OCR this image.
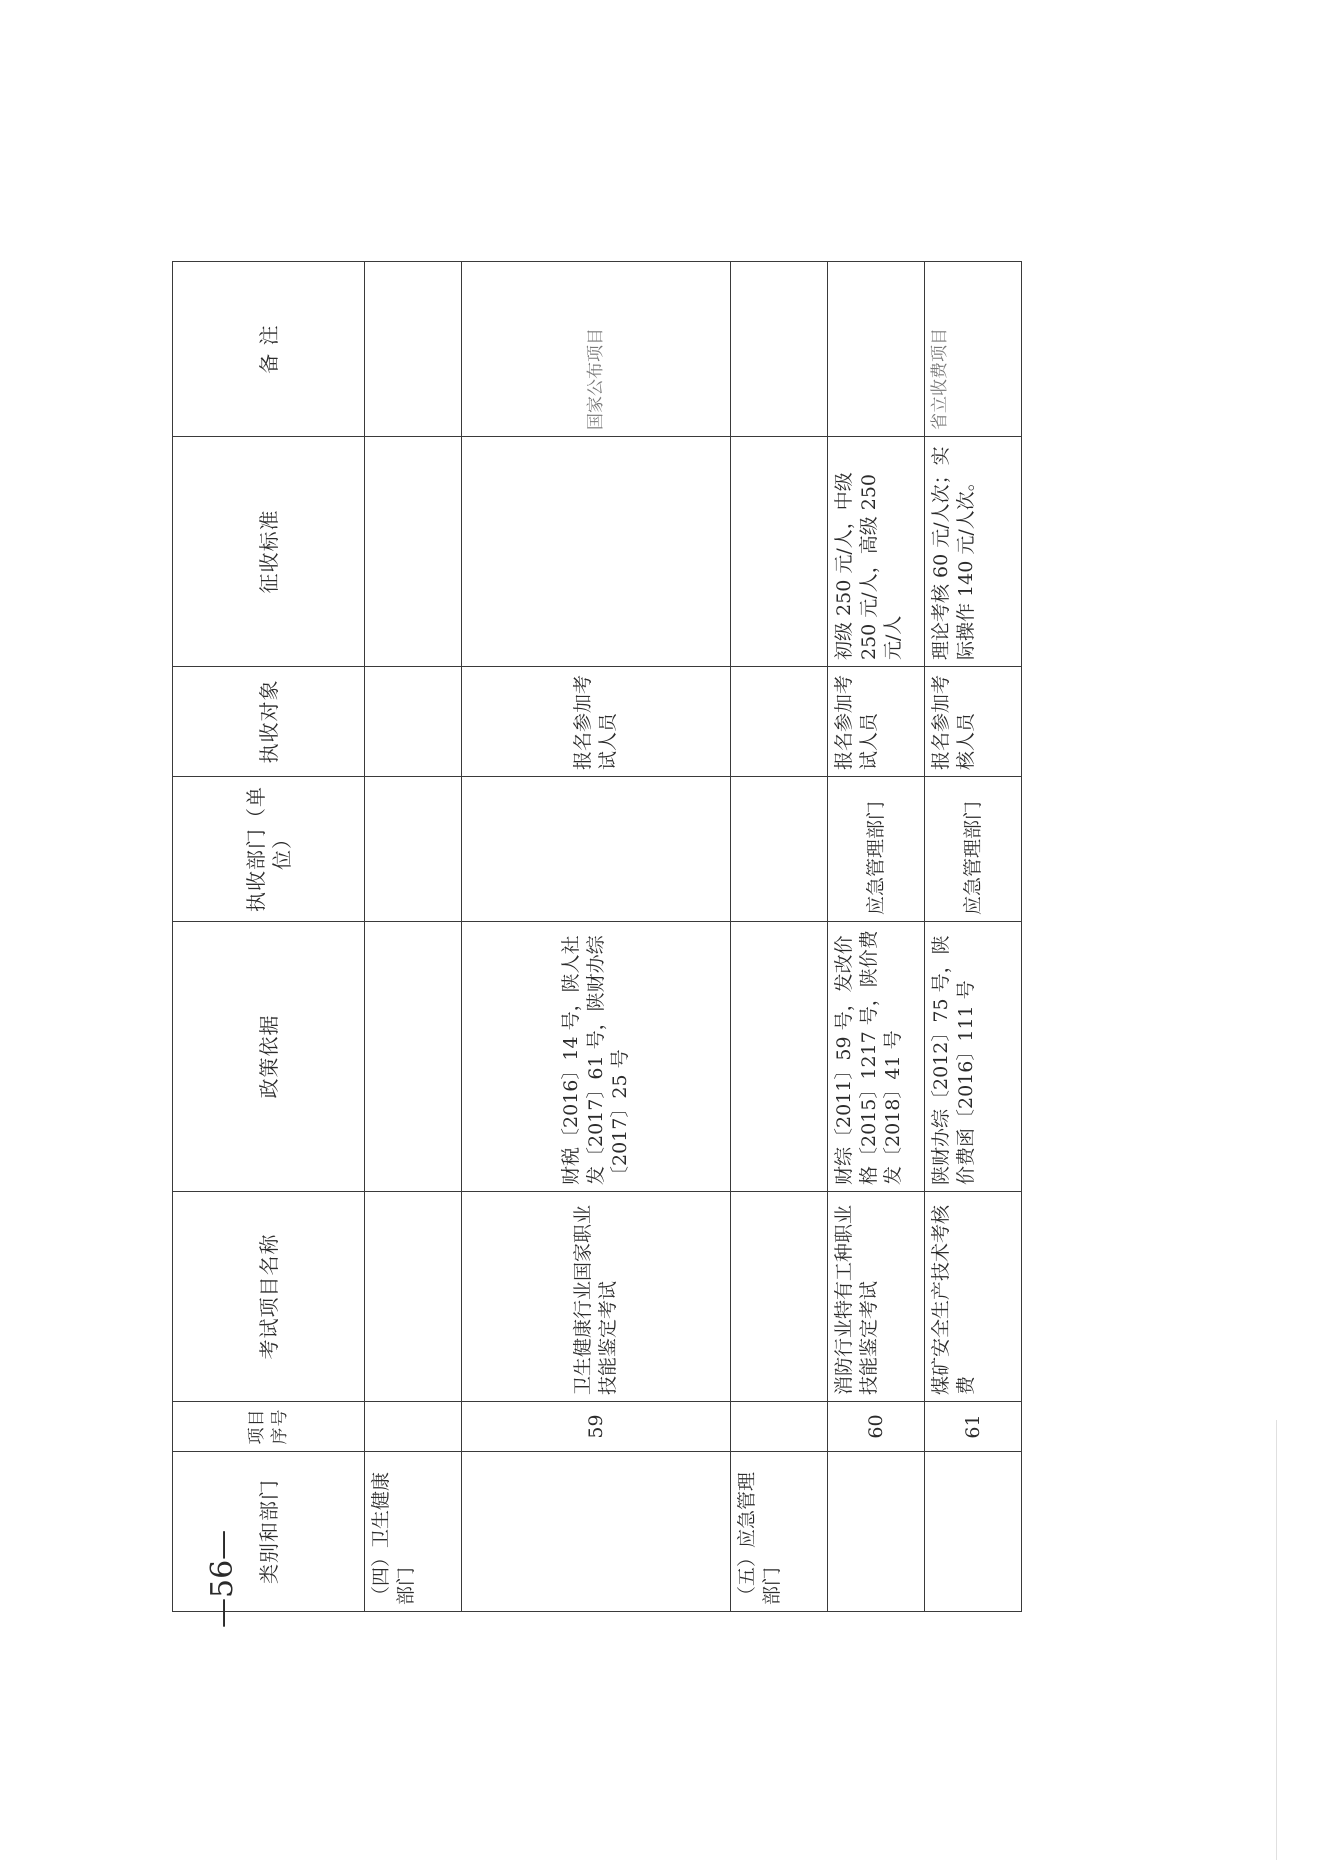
类别和部门	项目序号	考试项目名称	政策依据	执收部门（单位）	执收对象	征收标准	备 注
（四）卫生健康部门							
	59	卫生健康行业国家职业技能鉴定考试	财税〔2016〕14 号，陕人社发〔2017〕61 号，陕财办综〔2017〕25 号		报名参加考试人员		国家公布项目
（五）应急管理部门							
	60	消防行业特有工种职业技能鉴定考试	财综〔2011〕59 号，发改价格〔2015〕1217 号，陕价费发〔2018〕41 号	应急管理部门	报名参加考试人员	初级 250 元/人，中级 250 元/人，高级 250 元/人	
	61	煤矿安全生产技术考核费	陕财办综〔2012〕75 号，陕价费函〔2016〕111 号	应急管理部门	报名参加考核人员	理论考核 60 元/人次；实际操作 140 元/人次。	省立收费项目
—56—
